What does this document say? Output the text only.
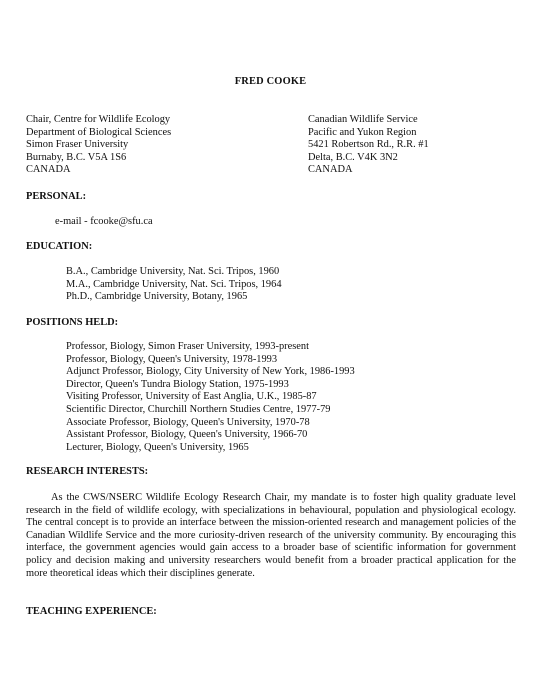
FRED COOKE
Chair, Centre for Wildlife Ecology
Department of Biological Sciences
Simon Fraser University
Burnaby, B.C. V5A 1S6
CANADA
Canadian Wildlife Service
Pacific and Yukon Region
5421 Robertson Rd., R.R. #1
Delta, B.C. V4K 3N2
CANADA
PERSONAL:
e-mail - fcooke@sfu.ca
EDUCATION:
B.A., Cambridge University, Nat. Sci. Tripos, 1960
M.A., Cambridge University, Nat. Sci. Tripos, 1964
Ph.D., Cambridge University, Botany, 1965
POSITIONS HELD:
Professor, Biology, Simon Fraser University, 1993-present
Professor, Biology, Queen's University, 1978-1993
Adjunct Professor, Biology, City University of New York, 1986-1993
Director, Queen's Tundra Biology Station, 1975-1993
Visiting Professor, University of East Anglia, U.K., 1985-87
Scientific Director, Churchill Northern Studies Centre, 1977-79
Associate Professor, Biology, Queen's University, 1970-78
Assistant Professor, Biology, Queen's University, 1966-70
Lecturer, Biology, Queen's University, 1965
RESEARCH INTERESTS:

As the CWS/NSERC Wildlife Ecology Research Chair, my mandate is to foster high quality graduate level research in the field of wildlife ecology, with specializations in behavioural, population and physiological ecology. The central concept is to provide an interface between the mission-oriented research and management policies of the Canadian Wildlife Service and the more curiosity-driven research of the university community. By encouraging this interface, the government agencies would gain access to a broader base of scientific information for government policy and decision making and university researchers would benefit from a broader practical application for the more theoretical ideas which their disciplines generate.

TEACHING EXPERIENCE:
